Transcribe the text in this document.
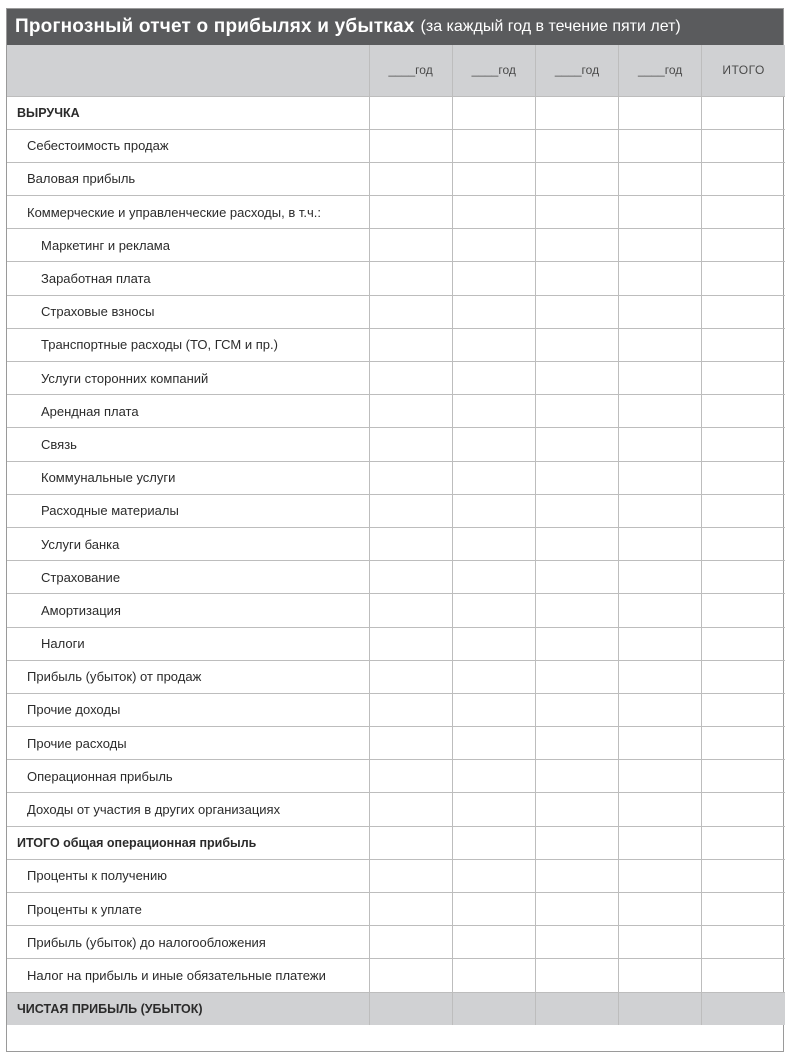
Прогнозный отчет о прибылях и убытках (за каждый год в течение пяти лет)
	____год	____год	____год	____год	ИТОГО
ВЫРУЧКА					
Себестоимость продаж					
Валовая прибыль					
Коммерческие и управленческие расходы, в т.ч.:					
Маркетинг и реклама					
Заработная плата					
Страховые взносы					
Транспортные расходы (ТО, ГСМ и пр.)					
Услуги сторонних компаний					
Арендная плата					
Связь					
Коммунальные услуги					
Расходные материалы					
Услуги банка					
Страхование					
Амортизация					
Налоги					
Прибыль (убыток) от продаж					
Прочие доходы					
Прочие расходы					
Операционная прибыль					
Доходы от участия в других организациях					
ИТОГО общая операционная прибыль					
Проценты к получению					
Проценты к уплате					
Прибыль (убыток) до налогообложения					
Налог на прибыль и иные обязательные платежи					
ЧИСТАЯ ПРИБЫЛЬ (УБЫТОК)					
